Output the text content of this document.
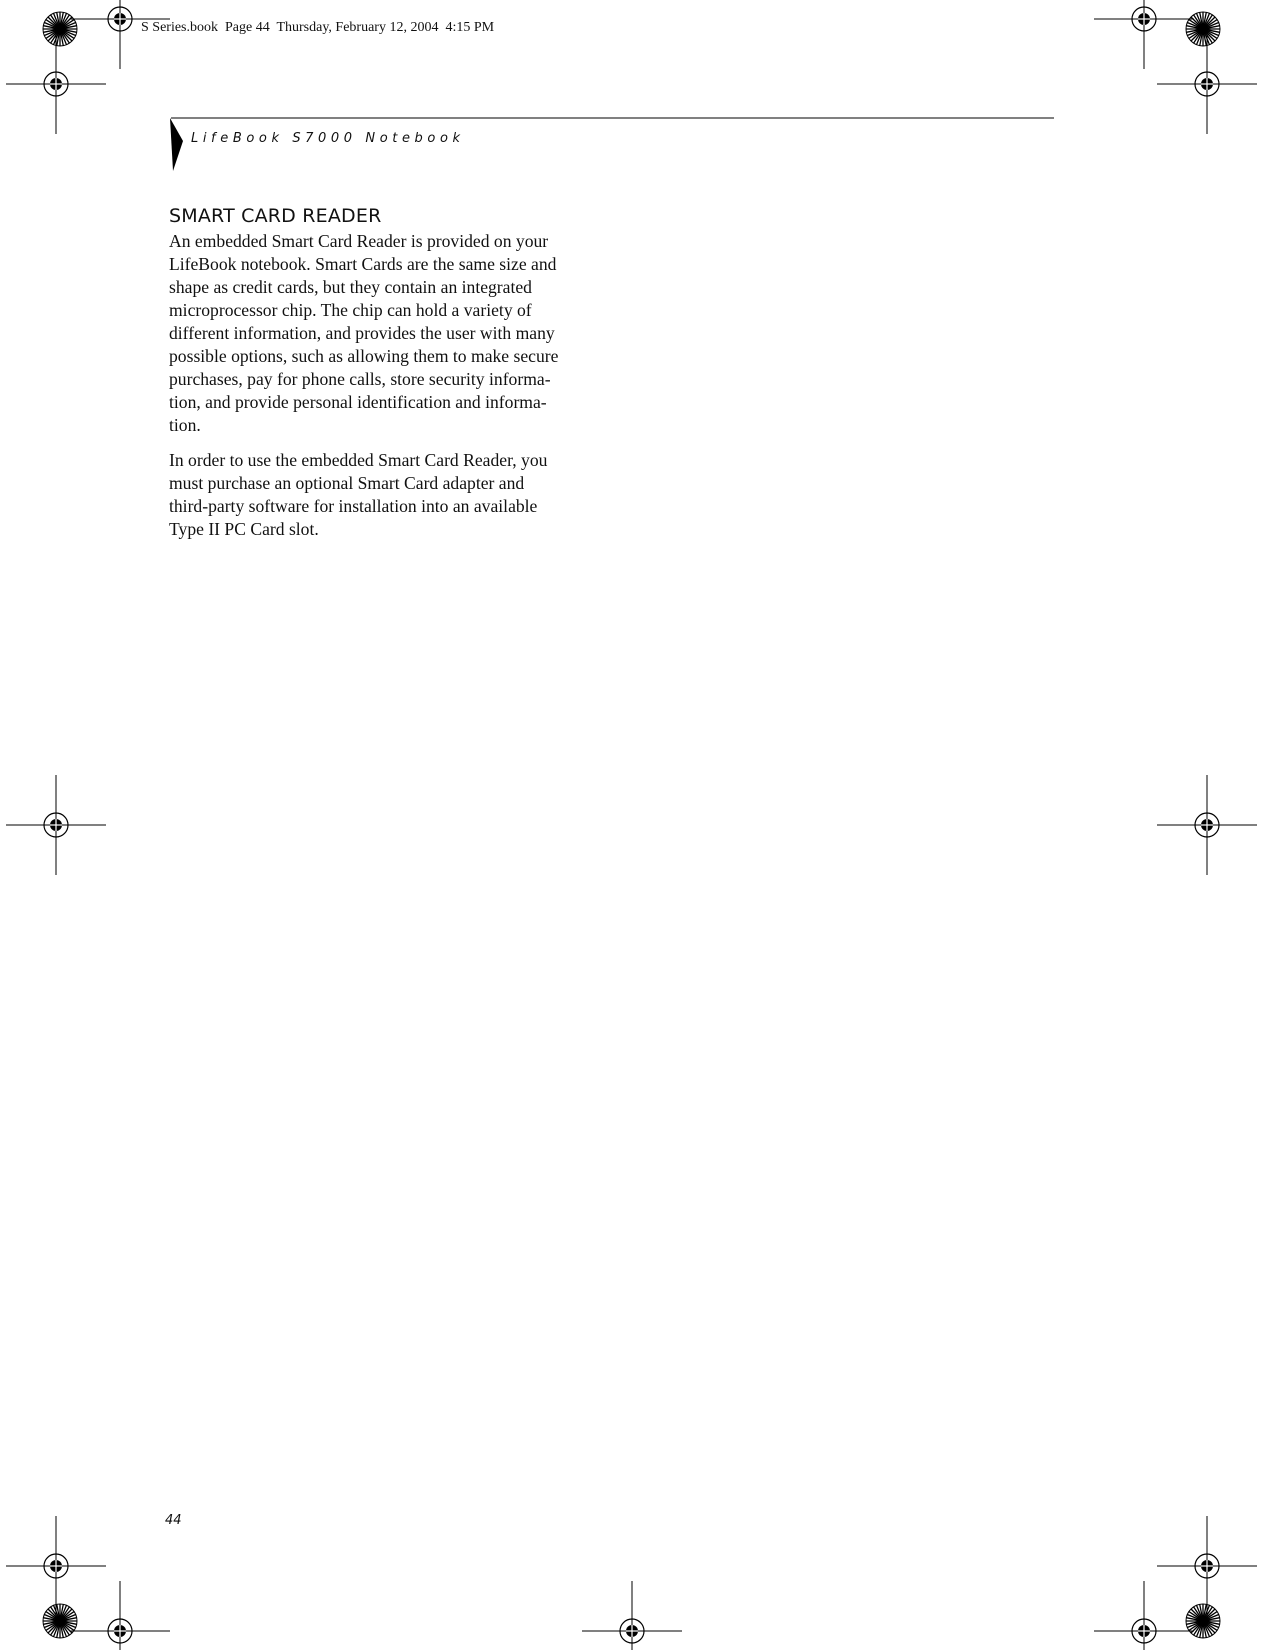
S Series.book  Page 44  Thursday, February 12, 2004  4:15 PM
LifeBook S7000 Notebook
SMART CARD READER

An embedded Smart Card Reader is provided on your
LifeBook notebook. Smart Cards are the same size and
shape as credit cards, but they contain an integrated
microprocessor chip. The chip can hold a variety of
different information, and provides the user with many
possible options, such as allowing them to make secure
purchases, pay for phone calls, store security informa-
tion, and provide personal identification and informa-
tion.

In order to use the embedded Smart Card Reader, you
must purchase an optional Smart Card adapter and
third-party software for installation into an available
Type II PC Card slot.

44
